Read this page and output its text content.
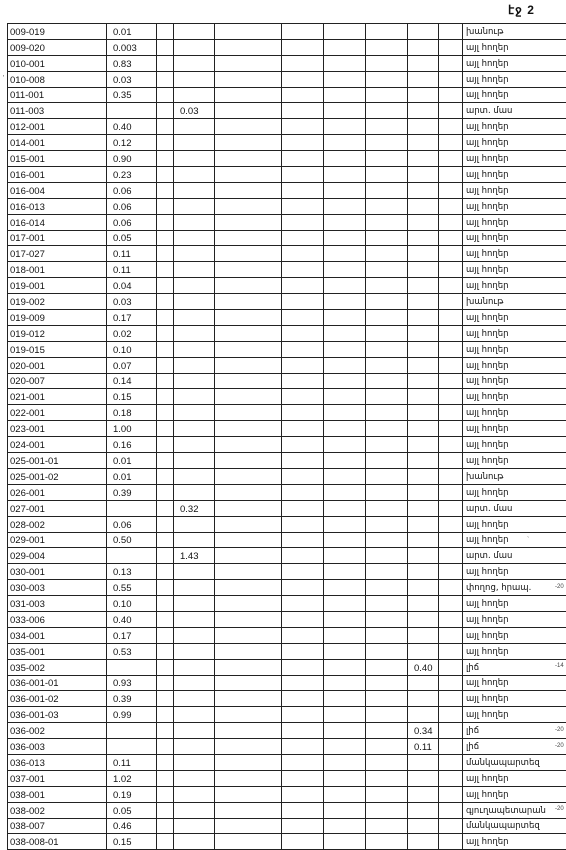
էջ 2
009-019	0.01									խանութ
009-020	0.003									այլ հողեր
010-001	0.83									այլ հողեր
010-008	0.03									այլ հողեր
011-001	0.35									այլ հողեր
011-003			0.03							արտ. մաս
012-001	0.40									այլ հողեր
014-001	0.12									այլ հողեր
015-001	0.90									այլ հողեր
016-001	0.23									այլ հողեր
016-004	0.06									այլ հողեր
016-013	0.06									այլ հողեր
016-014	0.06									այլ հողեր
017-001	0.05									այլ հողեր
017-027	0.11									այլ հողեր
018-001	0.11									այլ հողեր
019-001	0.04									այլ հողեր
019-002	0.03									խանութ
019-009	0.17									այլ հողեր
019-012	0.02									այլ հողեր
019-015	0.10									այլ հողեր
020-001	0.07									այլ հողեր
020-007	0.14									այլ հողեր
021-001	0.15									այլ հողեր
022-001	0.18									այլ հողեր
023-001	1.00									այլ հողեր
024-001	0.16									այլ հողեր
025-001-01	0.01									այլ հողեր
025-001-02	0.01									խանութ
026-001	0.39									այլ հողեր
027-001			0.32							արտ. մաս
028-002	0.06									այլ հողեր
029-001	0.50									այլ հողեր
029-004			1.43							արտ. մաս
030-001	0.13									այլ հողեր
030-003	0.55									փողոց, հրապ.
031-003	0.10									այլ հողեր
033-006	0.40									այլ հողեր
034-001	0.17									այլ հողեր
035-001	0.53									այլ հողեր
035-002								0.40		լիճ
036-001-01	0.93									այլ հողեր
036-001-02	0.39									այլ հողեր
036-001-03	0.99									այլ հողեր
036-002								0.34		լիճ
036-003								0.11		լիճ
036-013	0.11									մանկապարտեզ
037-001	1.02									այլ հողեր
038-001	0.19									այլ հողեր
038-002	0.05									գյուղապետարան
038-007	0.46									մանկապարտեզ
038-008-01	0.15									այլ հողեր
-20
-14
-20
-20
-20
'
`
